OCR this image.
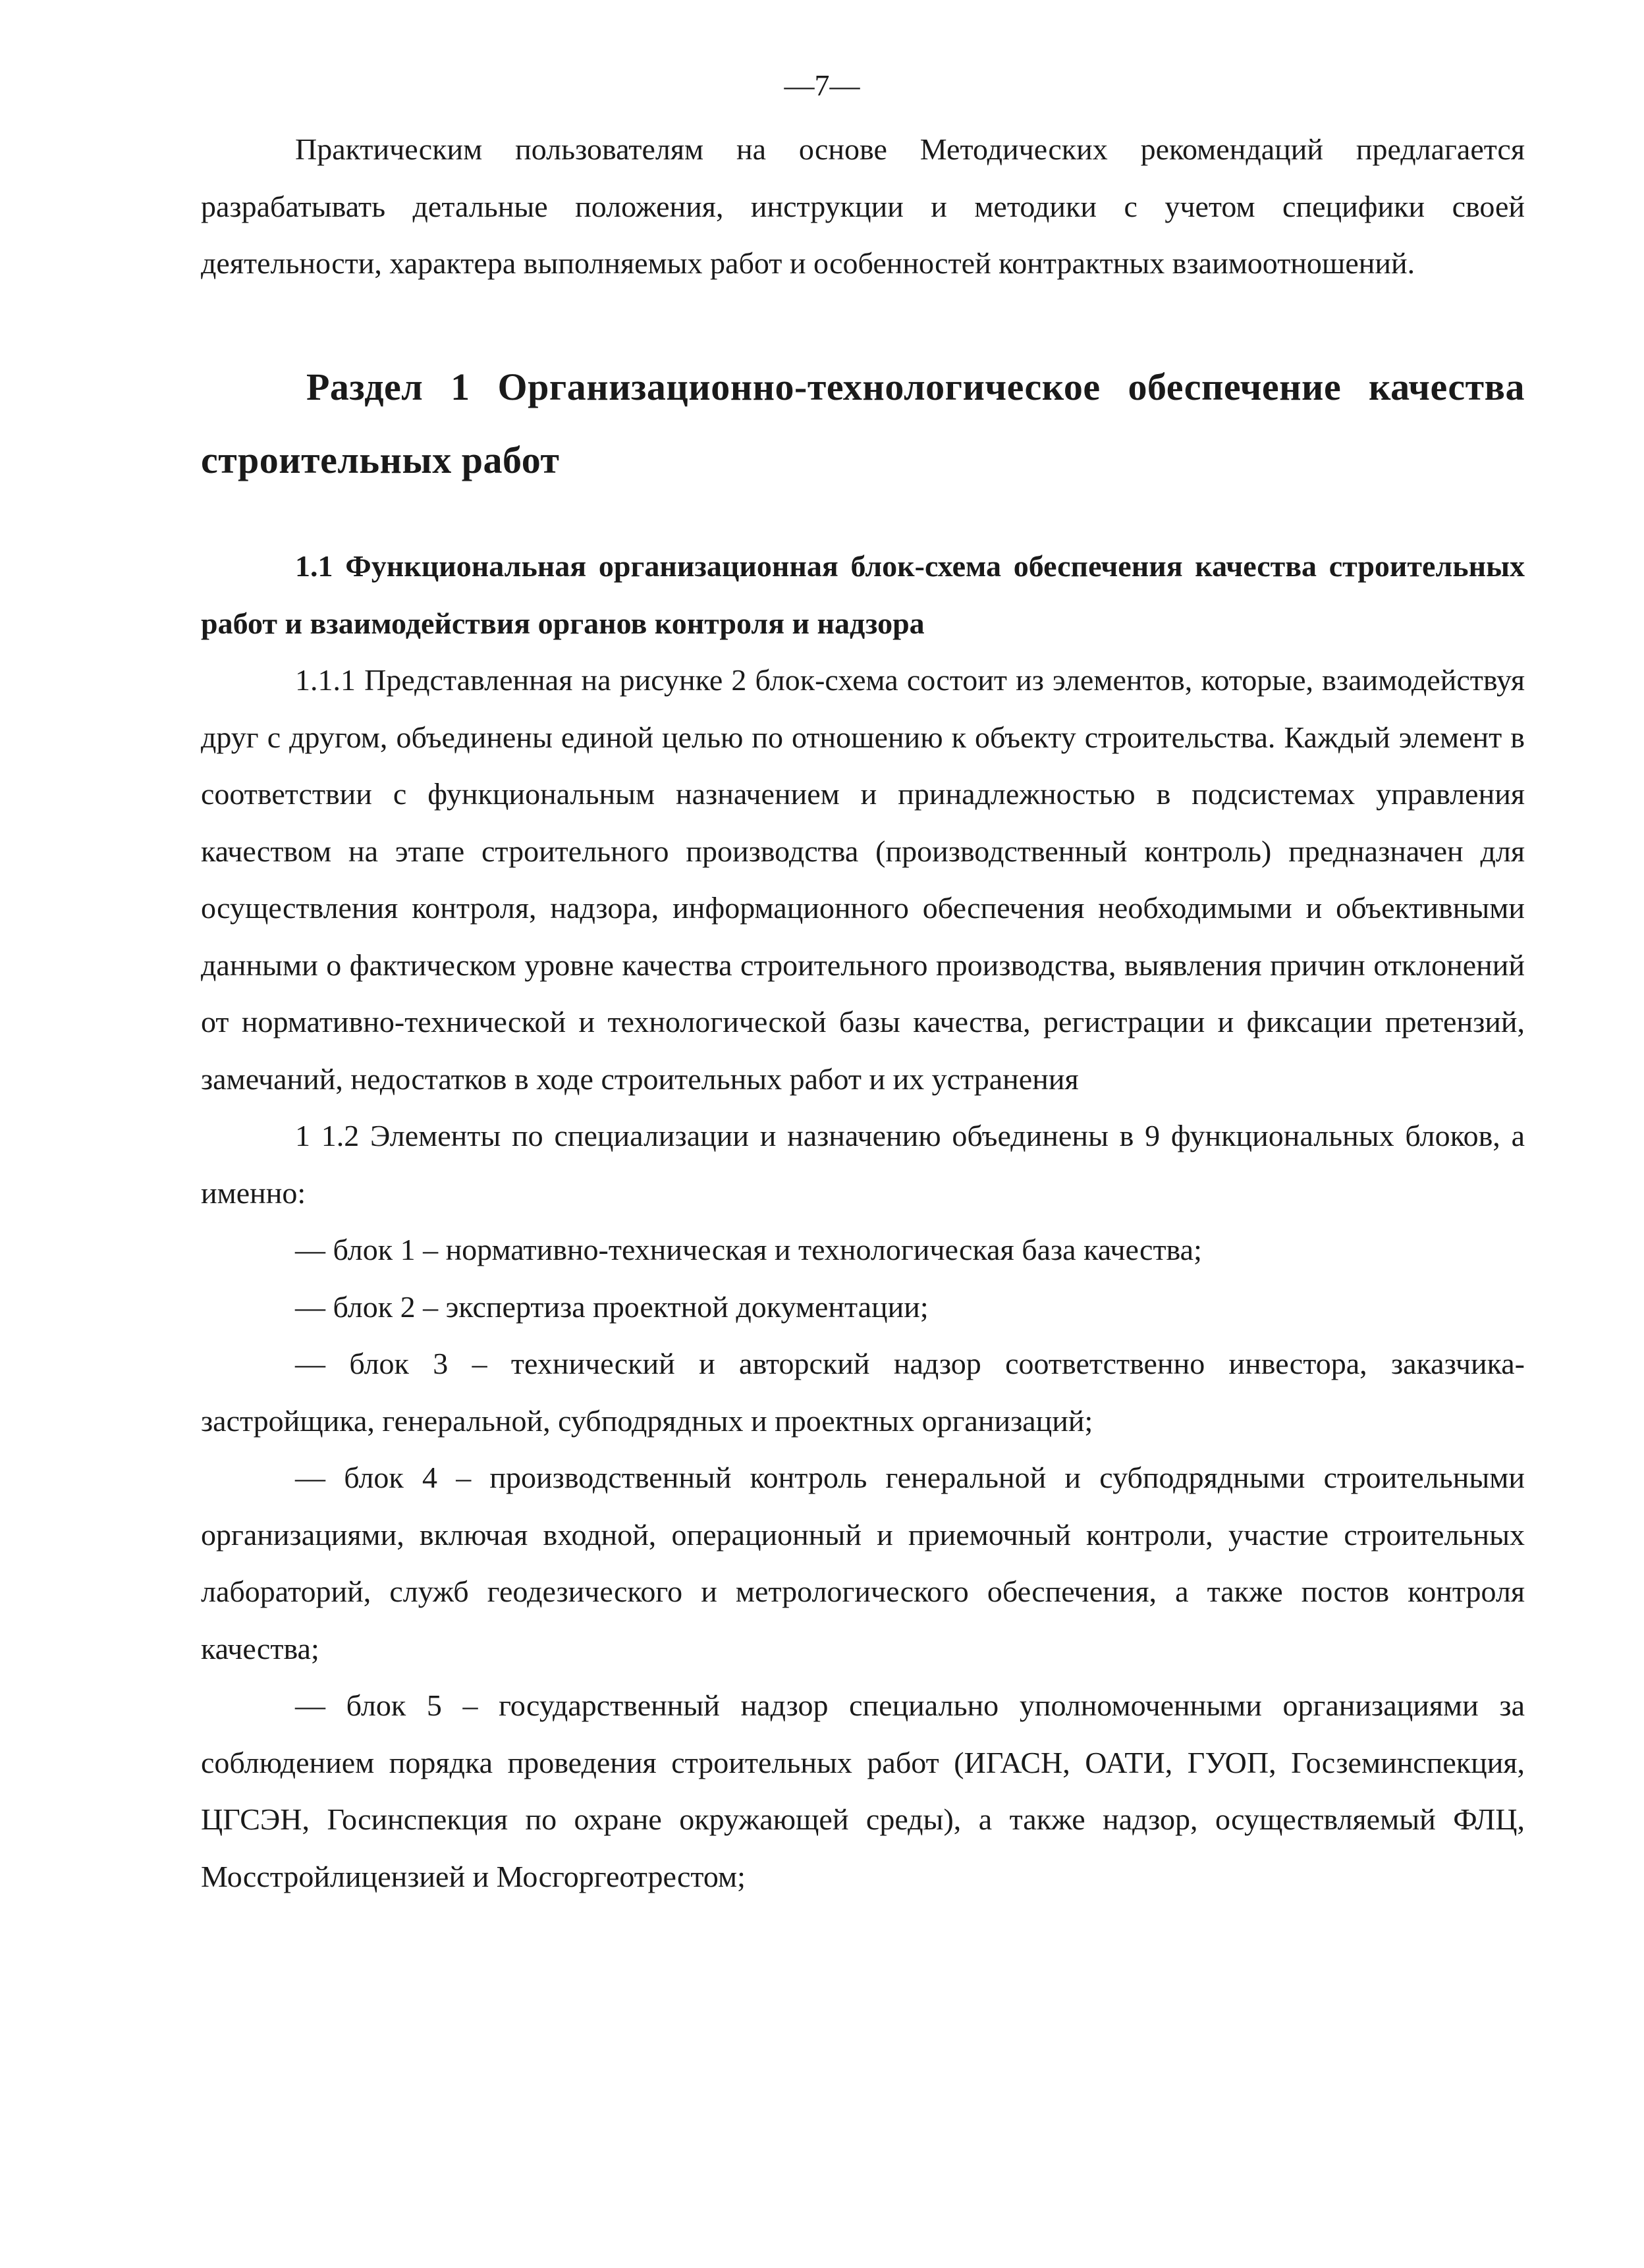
—7—

Практическим пользователям на основе Методических рекомендаций предлагается разрабатывать детальные положения, инструкции и методики с учетом специфики своей деятельности, характера выполняемых работ и особенностей контрактных взаимоотношений.

Раздел 1 Организационно-технологическое обеспечение качества строительных работ
1.1 Функциональная организационная блок-схема обеспечения качества строительных работ и взаимодействия органов контроля и надзора

1.1.1 Представленная на рисунке 2 блок-схема состоит из элементов, которые, взаимодействуя друг с другом, объединены единой целью по отношению к объекту строительства. Каждый элемент в соответствии с функциональным назначением и принадлежностью в подсистемах управления качеством на этапе строительного производства (производственный контроль) предназначен для осуществления контроля, надзора, информационного обеспечения необходимыми и объективными данными о фактическом уровне качества строительного производства, выявления причин отклонений от нормативно-технической и технологической базы качества, регистрации и фиксации претензий, замечаний, недостатков в ходе строительных работ и их устранения

1 1.2 Элементы по специализации и назначению объединены в 9 функциональных блоков, а именно:

— блок 1 – нормативно-техническая и технологическая база качества;

— блок 2 – экспертиза проектной документации;

— блок 3 – технический и авторский надзор соответственно инвестора, заказчика-застройщика, генеральной, субподрядных и проектных организаций;

— блок 4 – производственный контроль генеральной и субподрядными строительными организациями, включая входной, операционный и приемочный контроли, участие строительных лабораторий, служб геодезического и метрологического обеспечения, а также постов контроля качества;

— блок 5 – государственный надзор специально уполномоченными организациями за соблюдением порядка проведения строительных работ (ИГАСН, ОАТИ, ГУОП, Госземинспекция, ЦГСЭН, Госинспекция по охране окружающей среды), а также надзор, осуществляемый ФЛЦ, Мосстройлицензией и Мосгоргеотрестом;
